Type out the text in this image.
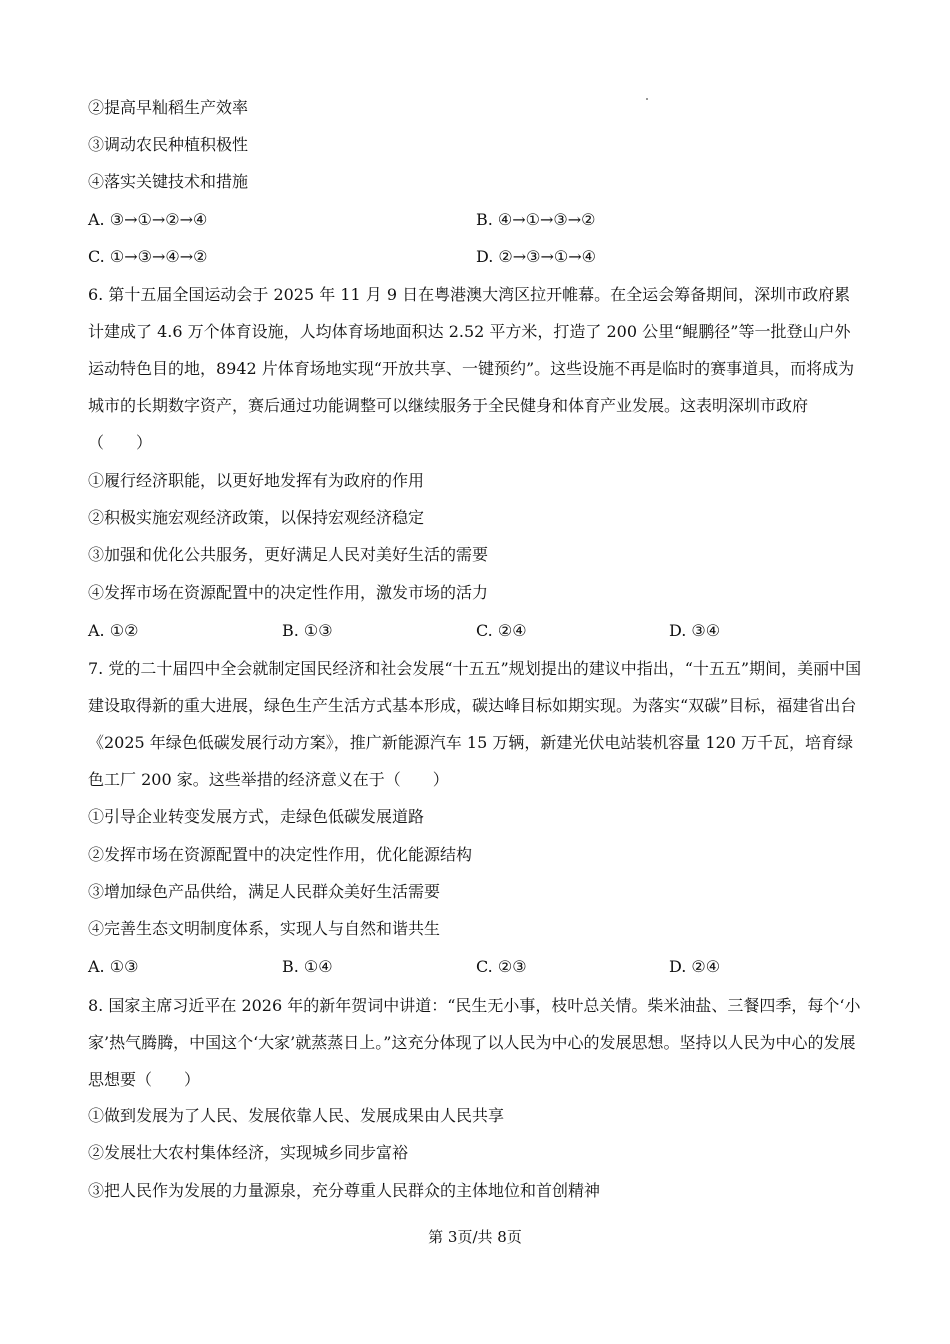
②提高早籼稻生产效率
③调动农民种植积极性
④落实关键技术和措施
A. ③→①→②→④	B. ④→①→③→②
C. ①→③→④→②	D. ②→③→①→④
6. 第十五届全国运动会于 2025 年 11 月 9 日在粤港澳大湾区拉开帷幕。在全运会筹备期间，深圳市政府累计建成了 4.6 万个体育设施，人均体育场地面积达 2.52 平方米，打造了 200 公里“鲲鹏径”等一批登山户外运动特色目的地，8942 片体育场地实现“开放共享、一键预约”。这些设施不再是临时的赛事道具，而将成为城市的长期数字资产，赛后通过功能调整可以继续服务于全民健身和体育产业发展。这表明深圳市政府（　　）
①履行经济职能，以更好地发挥有为政府的作用
②积极实施宏观经济政策，以保持宏观经济稳定
③加强和优化公共服务，更好满足人民对美好生活的需要
④发挥市场在资源配置中的决定性作用，激发市场的活力
A. ①②	B. ①③	C. ②④	D. ③④
7. 党的二十届四中全会就制定国民经济和社会发展“十五五”规划提出的建议中指出，“十五五”期间，美丽中国建设取得新的重大进展，绿色生产生活方式基本形成，碳达峰目标如期实现。为落实“双碳”目标，福建省出台《2025 年绿色低碳发展行动方案》，推广新能源汽车 15 万辆，新建光伏电站装机容量 120 万千瓦，培育绿色工厂 200 家。这些举措的经济意义在于（　　）
①引导企业转变发展方式，走绿色低碳发展道路
②发挥市场在资源配置中的决定性作用，优化能源结构
③增加绿色产品供给，满足人民群众美好生活需要
④完善生态文明制度体系，实现人与自然和谐共生
A. ①③	B. ①④	C. ②③	D. ②④
8. 国家主席习近平在 2026 年的新年贺词中讲道：“民生无小事，枝叶总关情。柴米油盐、三餐四季，每个‘小家’热气腾腾，中国这个‘大家’就蒸蒸日上。”这充分体现了以人民为中心的发展思想。坚持以人民为中心的发展思想要（　　）
①做到发展为了人民、发展依靠人民、发展成果由人民共享
②发展壮大农村集体经济，实现城乡同步富裕
③把人民作为发展的力量源泉，充分尊重人民群众的主体地位和首创精神
第 3页/共 8页
